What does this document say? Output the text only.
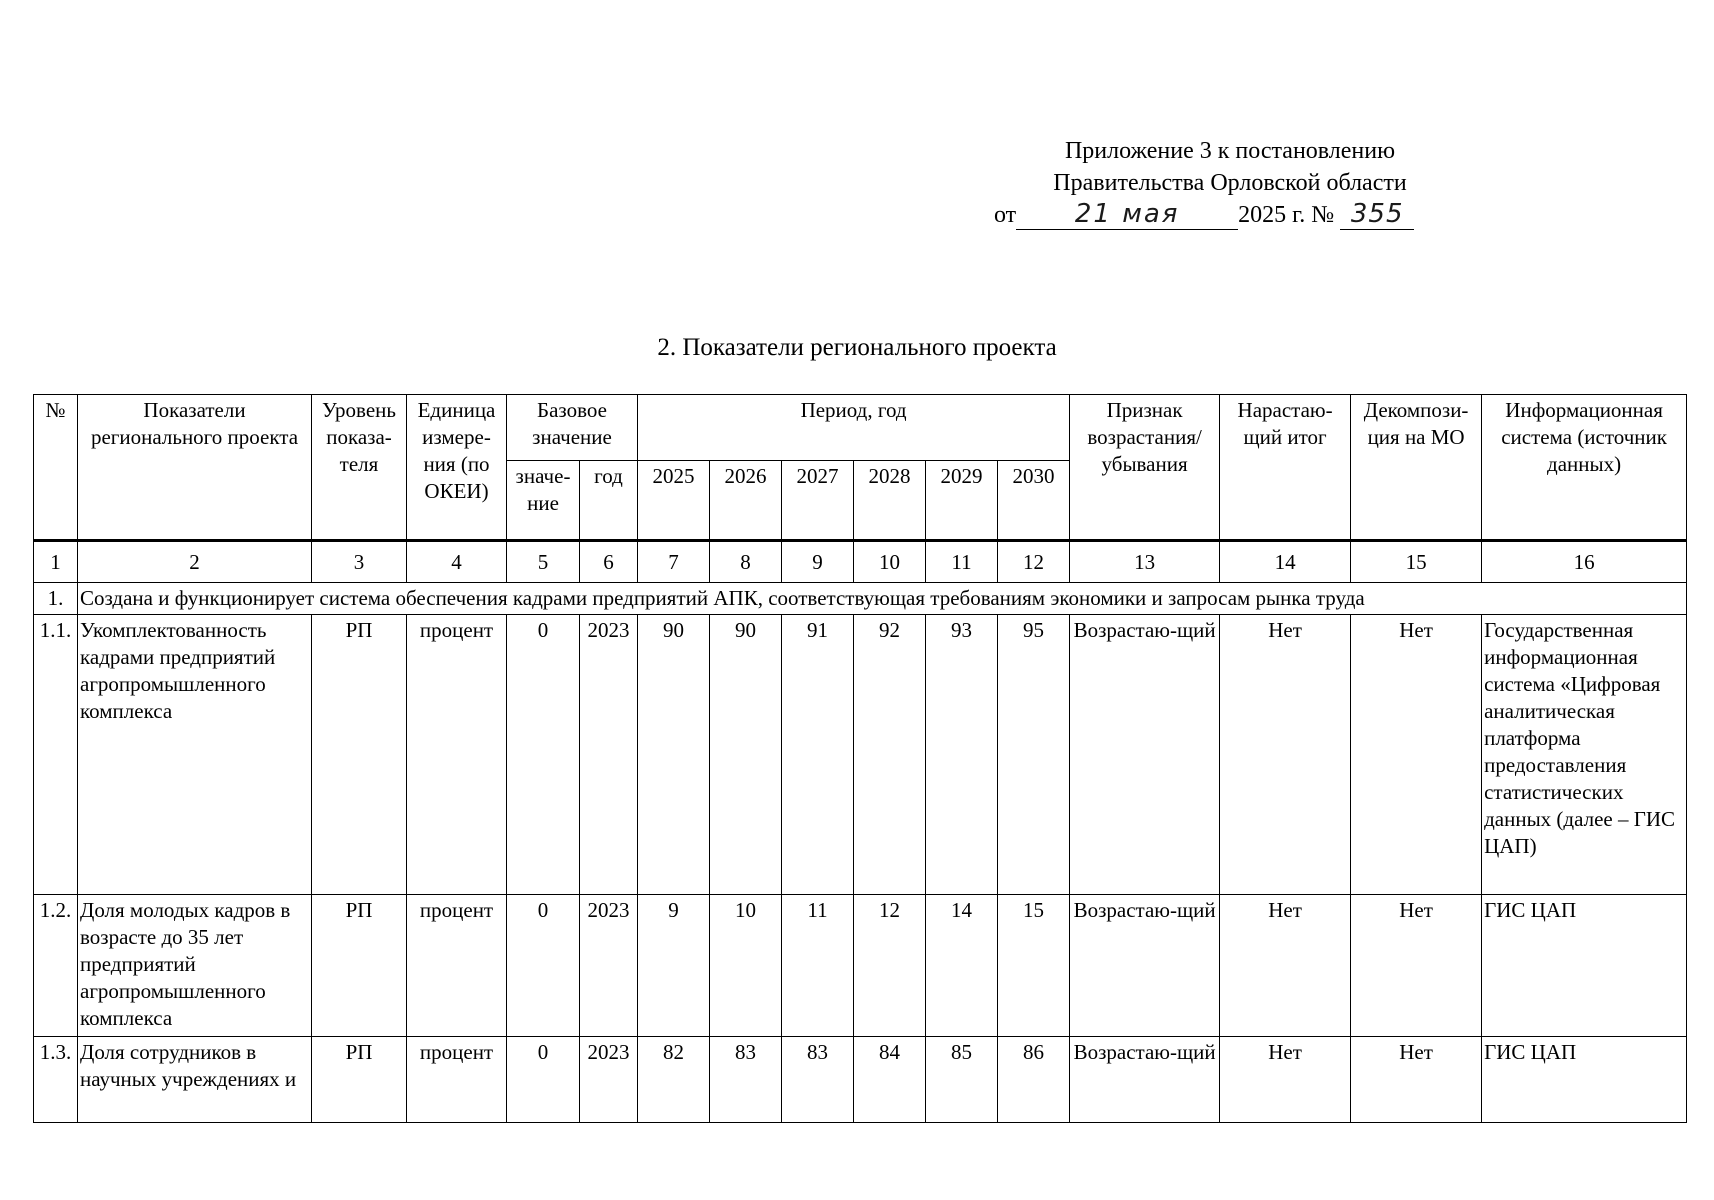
Приложение 3 к постановлению
Правительства Орловской области
от 21 мая 2025 г. № 355
2. Показатели регионального проекта
№	Показатели регионального проекта	Уровень показа-теля	Единица измере-ния (по ОКЕИ)	Базовое значение		Период, год						Признак возрастания/ убывания	Нарастаю-щий итог	Декомпози-ция на МО	Информационная система (источник данных)
				значе-ние	год	2025	2026	2027	2028	2029	2030				
1	2	3	4	5	6	7	8	9	10	11	12	13	14	15	16
1.	Создана и функционирует система обеспечения кадрами предприятий АПК, соответствующая требованиям экономики и запросам рынка труда														
1.1.	Укомплектованность кадрами предприятий агропромышленного комплекса	РП	процент	0	2023	90	90	91	92	93	95	Возрастаю-щий	Нет	Нет	Государственная информационная система «Цифровая аналитическая платформа предоставления статистических данных (далее – ГИС ЦАП)
1.2.	Доля молодых кадров в возрасте до 35 лет предприятий агропромышленного комплекса	РП	процент	0	2023	9	10	11	12	14	15	Возрастаю-щий	Нет	Нет	ГИС ЦАП
1.3.	Доля сотрудников в научных учреждениях и	РП	процент	0	2023	82	83	83	84	85	86	Возрастаю-щий	Нет	Нет	ГИС ЦАП
